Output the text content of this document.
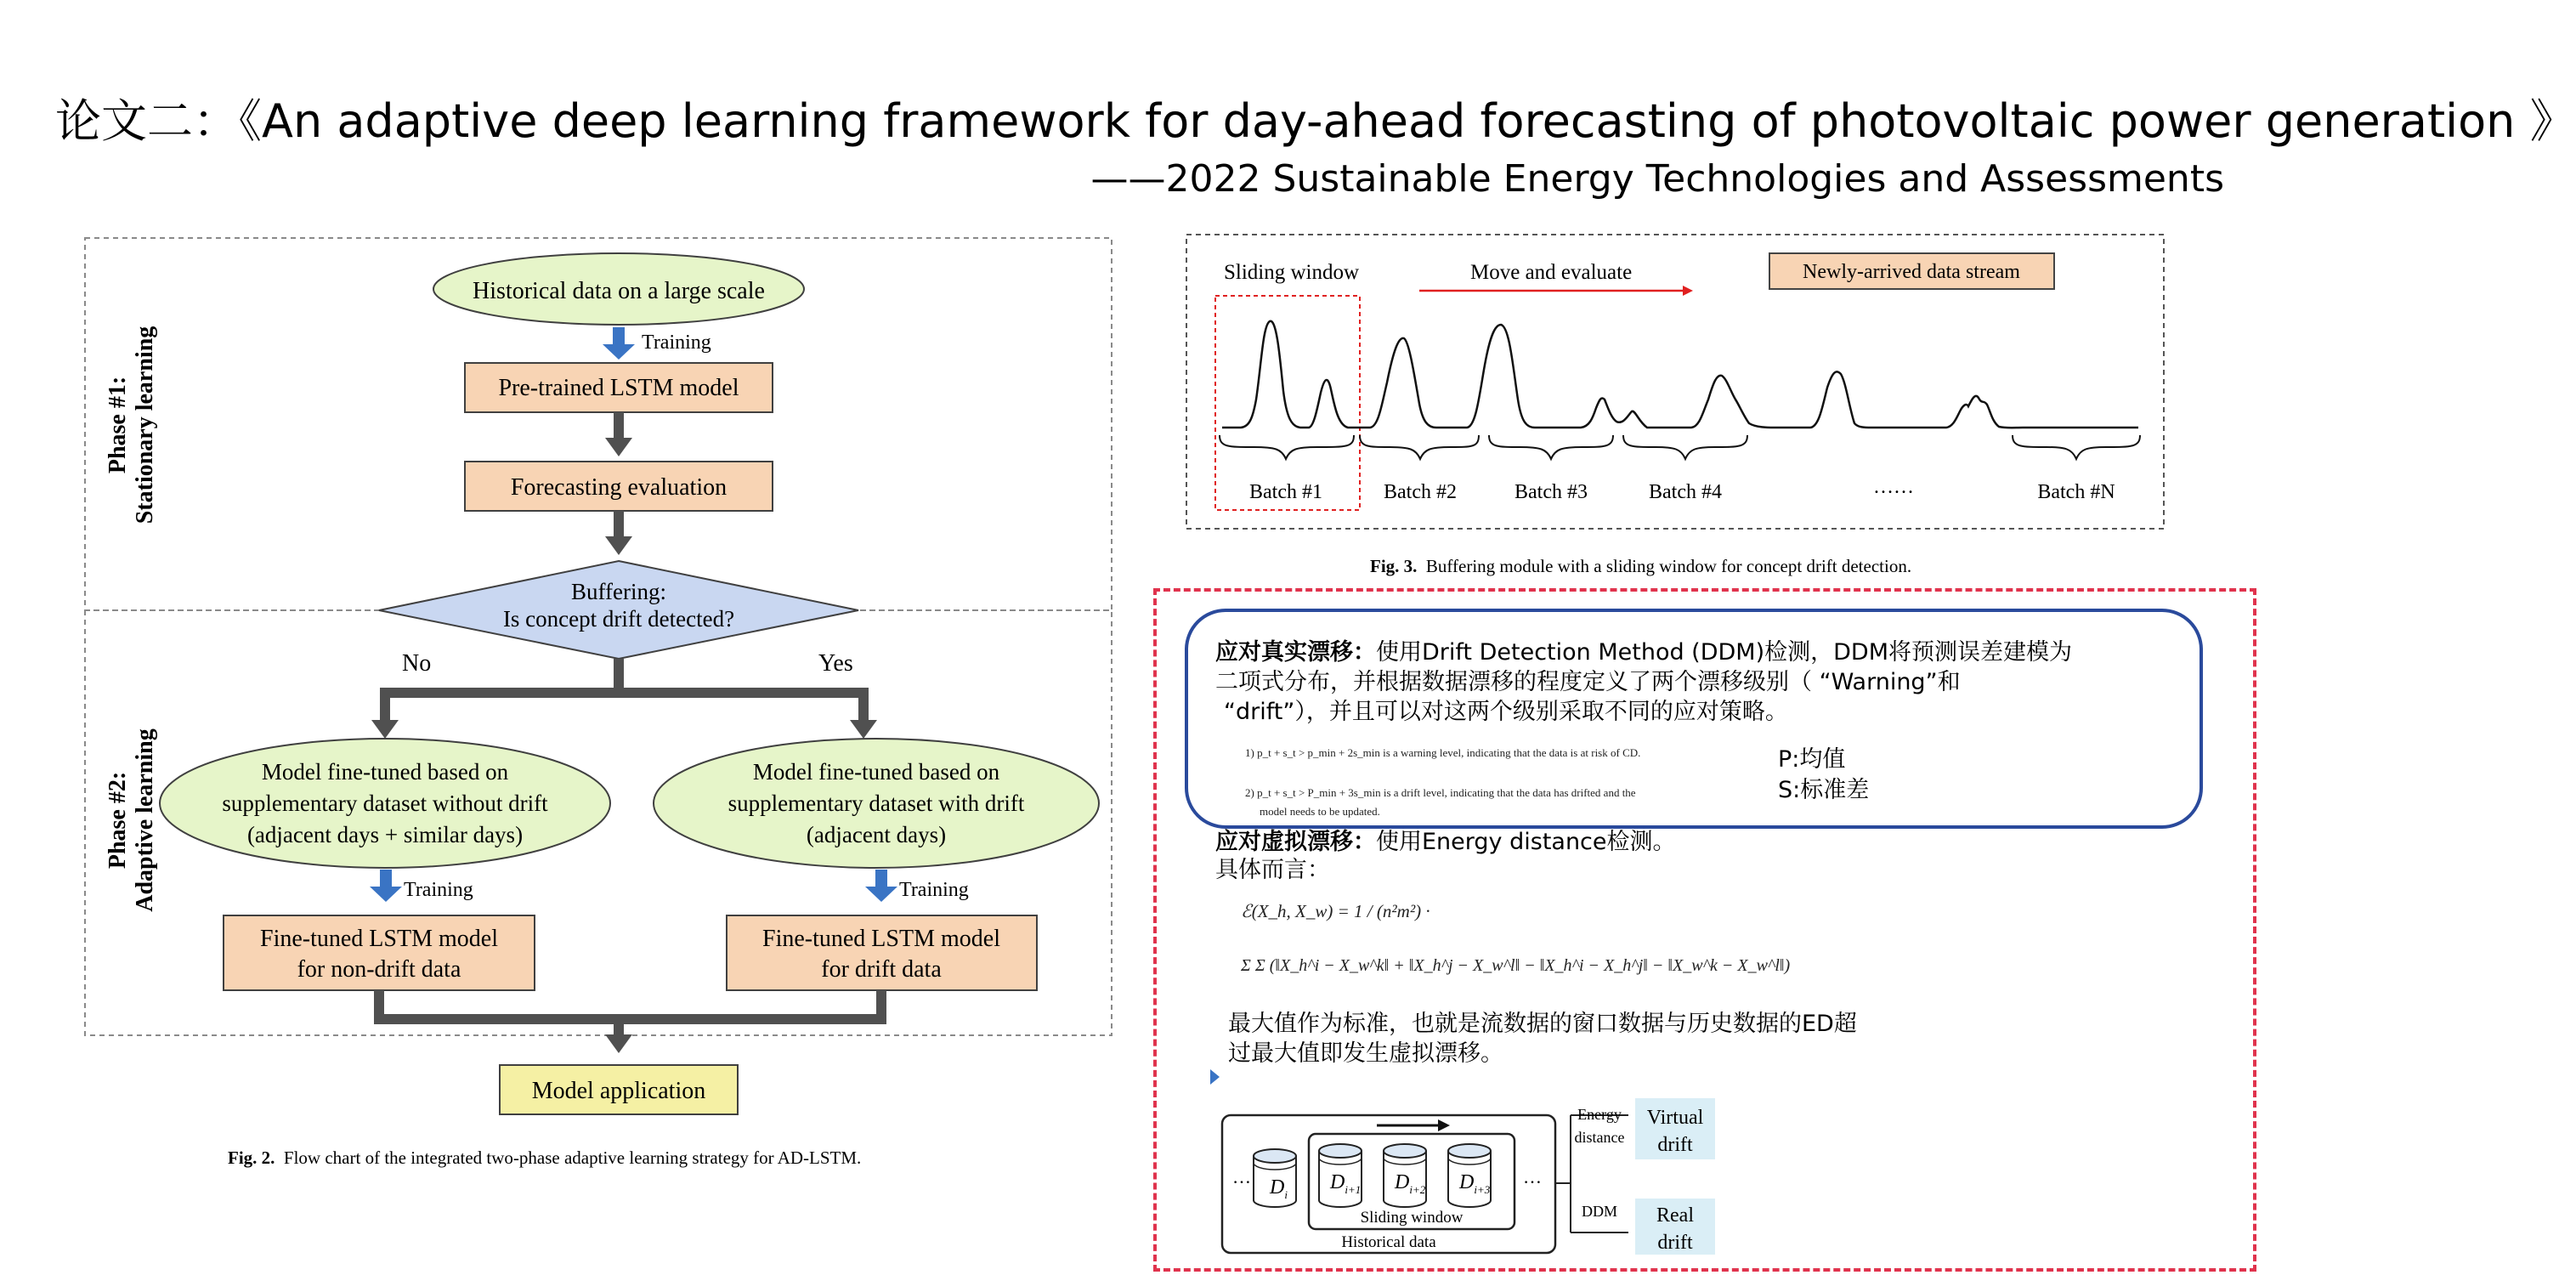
论文二：《An adaptive deep learning framework for day-ahead forecasting of photovoltaic power generation 》
——2022 Sustainable Energy Technologies and Assessments
Phase #1: Stationary learning
Phase #2: Adaptive learning
Historical data on a large scale
Training
Pre-trained LSTM model
Forecasting evaluation
Buffering:
Is concept drift detected?
No	Yes
Model fine-tuned based on
supplementary dataset without drift
(adjacent days + similar days)
Model fine-tuned based on
supplementary dataset with drift
(adjacent days)
Training	Training
Fine-tuned LSTM model
for non-drift data
Fine-tuned LSTM model
for drift data
Model application
Fig. 2. Flow chart of the integrated two-phase adaptive learning strategy for AD-LSTM.
Sliding window	Move and evaluate	Newly-arrived data stream
Batch #1	Batch #2	Batch #3	Batch #4	……	Batch #N
Fig. 3. Buffering module with a sliding window for concept drift detection.
应对真实漂移：使用Drift Detection Method (DDM)检测，DDM将预测误差建模为
二项式分布，并根据数据漂移的程度定义了两个漂移级别（ “Warning”和
“drift”），并且可以对这两个级别采取不同的应对策略。
1) p_t + s_t > p_min + 2s_min is a warning level, indicating that the data is at risk of CD.
2) p_t + s_t > P_min + 3s_min is a drift level, indicating that the data has drifted and the
model needs to be updated.
P:均值
S:标准差
应对虚拟漂移：使用Energy distance检测。
具体而言：
ℰ(X_h, X_w) = 1 / (n²m²) ·
Σ Σ (‖X_h^i − X_w^k‖ + ‖X_h^j − X_w^l‖ − ‖X_h^i − X_h^j‖ − ‖X_w^k − X_w^l‖)
最大值作为标准，也就是流数据的窗口数据与历史数据的ED超
过最大值即发生虚拟漂移。
…	…
$D_i$
$D_{i+1}$ $D_{i+2}$ $D_{i+3}$
Sliding window
Historical data
Energy
distance
DDM
Virtual
drift
Real
drift
